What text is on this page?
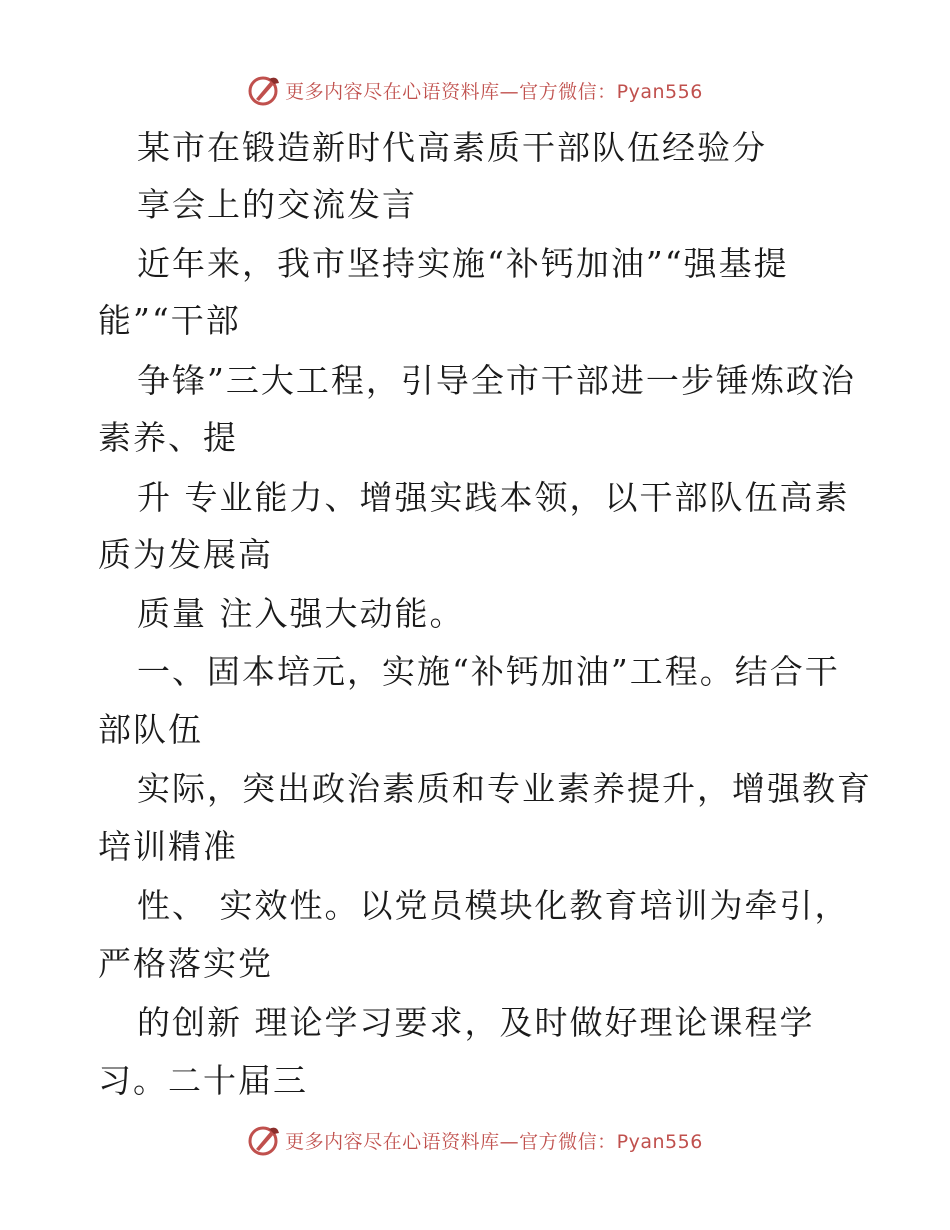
更多内容尽在心语资料库—官方微信：Pyan556
某市在锻造新时代高素质干部队伍经验分
享会上的交流发言
近年来，我市坚持实施“补钙加油”“强基提
能”“干部
争锋”三大工程，引导全市干部进一步锤炼政治
素养、提
升 专业能力、增强实践本领，以干部队伍高素
质为发展高
质量 注入强大动能。
一、固本培元，实施“补钙加油”工程。结合干
部队伍
实际，突出政治素质和专业素养提升，增强教育
培训精准
性、 实效性。以党员模块化教育培训为牵引，
严格落实党
的创新 理论学习要求，及时做好理论课程学
习。二十届三
更多内容尽在心语资料库—官方微信：Pyan556
